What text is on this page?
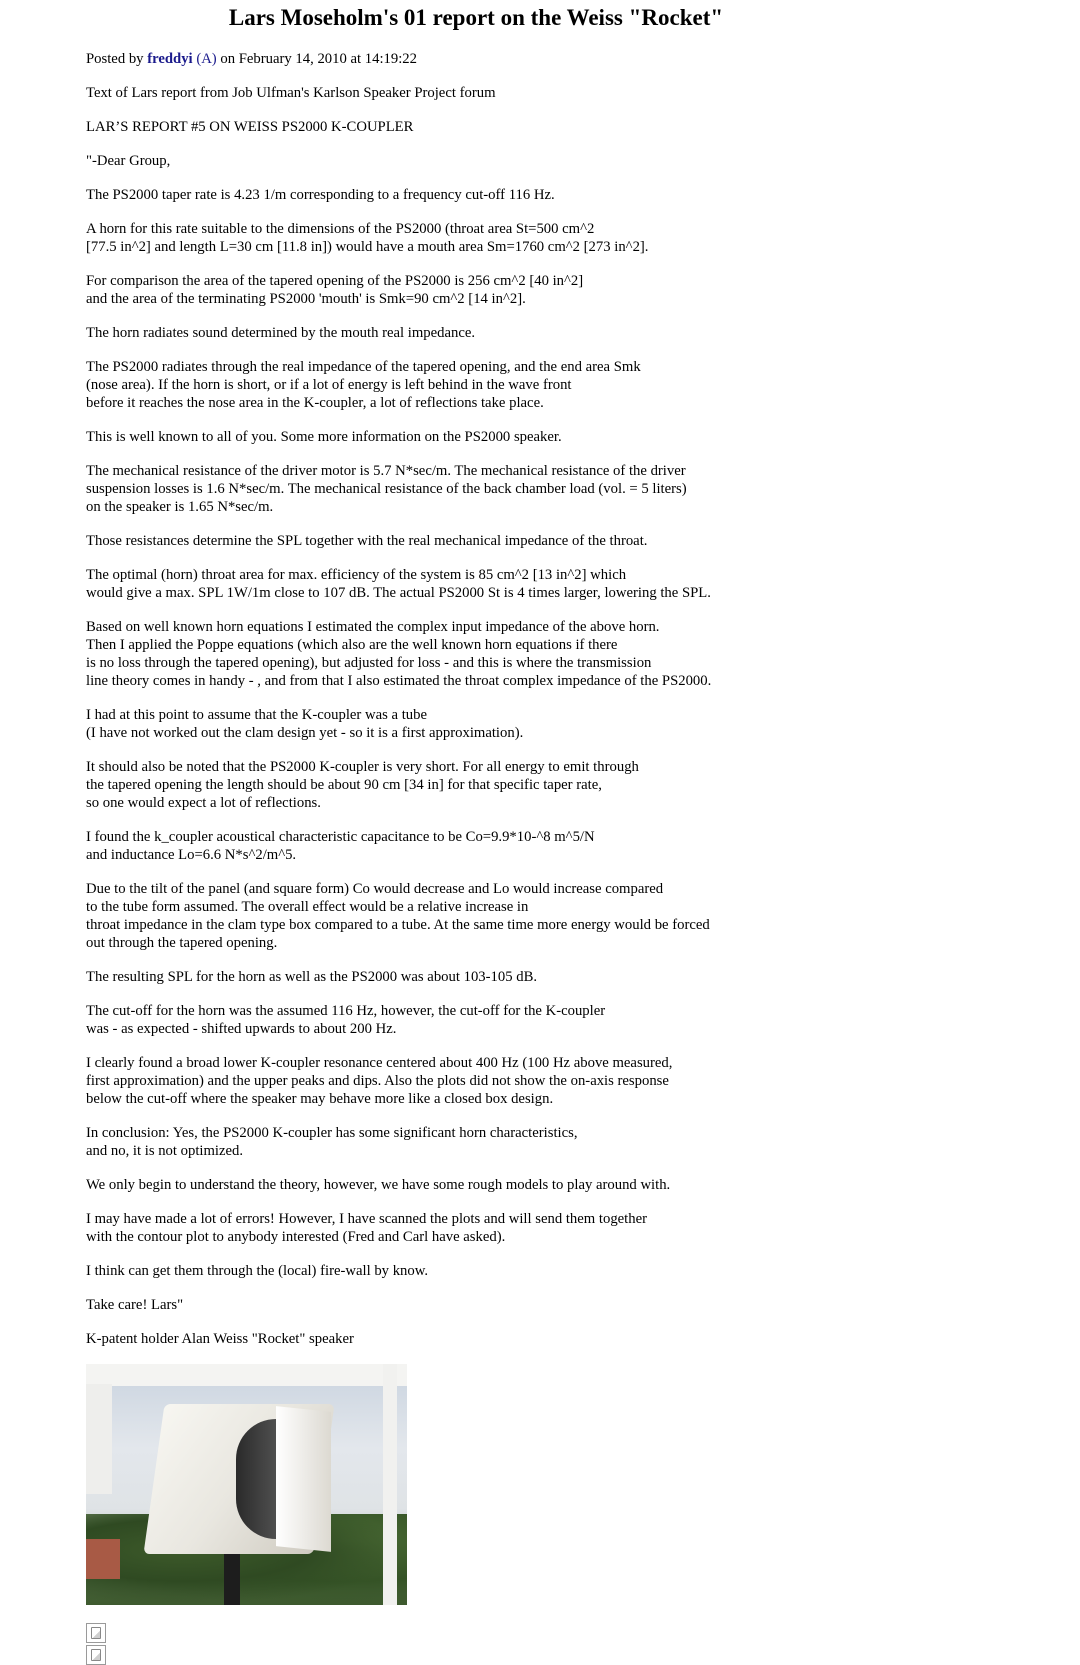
Lars Moseholm's 01 report on the Weiss "Rocket"

Posted by freddyi (A) on February 14, 2010 at 14:19:22

Text of Lars report from Job Ulfman's Karlson Speaker Project forum

LAR’S REPORT #5 ON WEISS PS2000 K-COUPLER

"-Dear Group,

The PS2000 taper rate is 4.23 1/m corresponding to a frequency cut-off 116 Hz.

A horn for this rate suitable to the dimensions of the PS2000 (throat area St=500 cm^2
[77.5 in^2] and length L=30 cm [11.8 in]) would have a mouth area Sm=1760 cm^2 [273 in^2].

For comparison the area of the tapered opening of the PS2000 is 256 cm^2 [40 in^2]
and the area of the terminating PS2000 'mouth' is Smk=90 cm^2 [14 in^2].

The horn radiates sound determined by the mouth real impedance.

The PS2000 radiates through the real impedance of the tapered opening, and the end area Smk
(nose area). If the horn is short, or if a lot of energy is left behind in the wave front
before it reaches the nose area in the K-coupler, a lot of reflections take place.

This is well known to all of you. Some more information on the PS2000 speaker.

The mechanical resistance of the driver motor is 5.7 N*sec/m. The mechanical resistance of the driver
suspension losses is 1.6 N*sec/m. The mechanical resistance of the back chamber load (vol. = 5 liters)
on the speaker is 1.65 N*sec/m.

Those resistances determine the SPL together with the real mechanical impedance of the throat.

The optimal (horn) throat area for max. efficiency of the system is 85 cm^2 [13 in^2] which
would give a max. SPL 1W/1m close to 107 dB. The actual PS2000 St is 4 times larger, lowering the SPL.

Based on well known horn equations I estimated the complex input impedance of the above horn.
Then I applied the Poppe equations (which also are the well known horn equations if there
is no loss through the tapered opening), but adjusted for loss - and this is where the transmission
line theory comes in handy - , and from that I also estimated the throat complex impedance of the PS2000.

I had at this point to assume that the K-coupler was a tube
(I have not worked out the clam design yet - so it is a first approximation).

It should also be noted that the PS2000 K-coupler is very short. For all energy to emit through
the tapered opening the length should be about 90 cm [34 in] for that specific taper rate,
so one would expect a lot of reflections.

I found the k_coupler acoustical characteristic capacitance to be Co=9.9*10-^8 m^5/N
and inductance Lo=6.6 N*s^2/m^5.

Due to the tilt of the panel (and square form) Co would decrease and Lo would increase compared
to the tube form assumed. The overall effect would be a relative increase in
throat impedance in the clam type box compared to a tube. At the same time more energy would be forced
out through the tapered opening.

The resulting SPL for the horn as well as the PS2000 was about 103-105 dB.

The cut-off for the horn was the assumed 116 Hz, however, the cut-off for the K-coupler
was - as expected - shifted upwards to about 200 Hz.

I clearly found a broad lower K-coupler resonance centered about 400 Hz (100 Hz above measured,
first approximation) and the upper peaks and dips. Also the plots did not show the on-axis response
below the cut-off where the speaker may behave more like a closed box design.

In conclusion: Yes, the PS2000 K-coupler has some significant horn characteristics,
and no, it is not optimized.

We only begin to understand the theory, however, we have some rough models to play around with.

I may have made a lot of errors! However, I have scanned the plots and will send them together
with the contour plot to anybody interested (Fred and Carl have asked).

I think can get them through the (local) fire-wall by know.

Take care! Lars"

K-patent holder Alan Weiss "Rocket" speaker
